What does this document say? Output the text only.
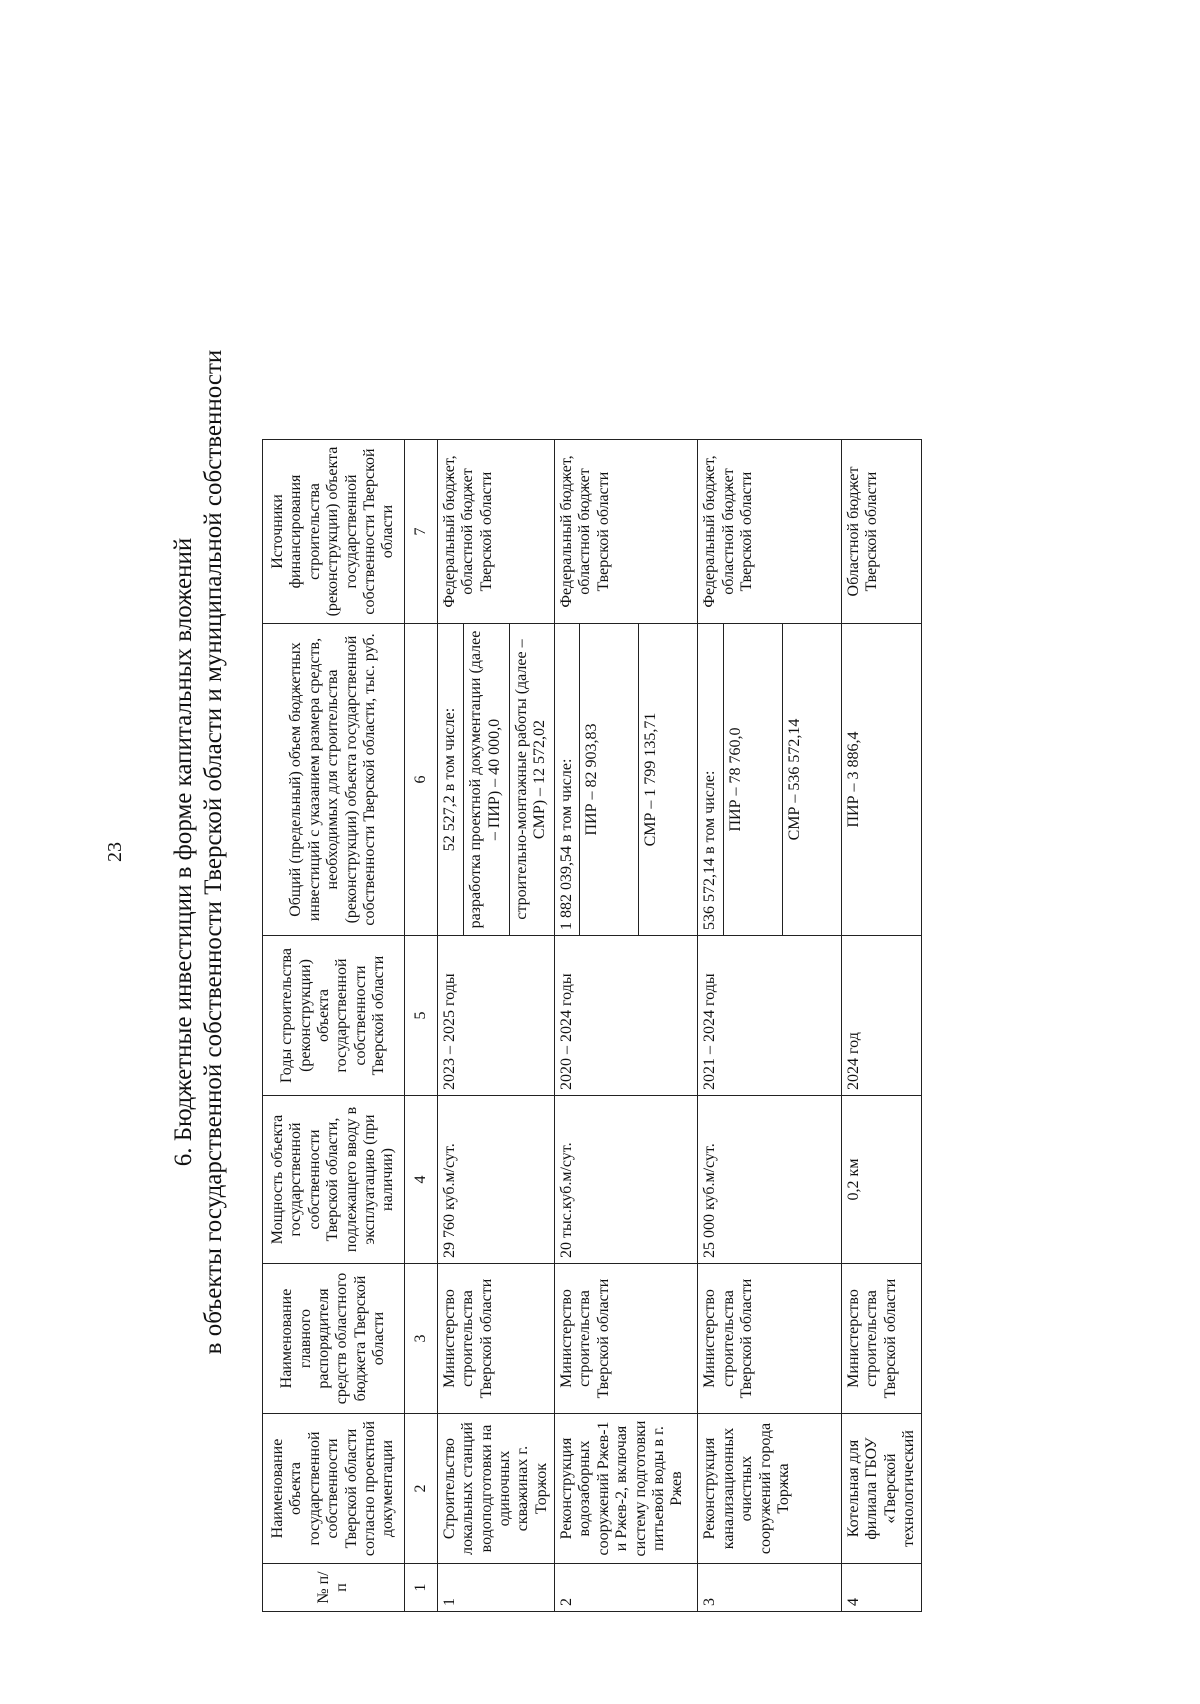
23 6. Бюджетные инвестиции в форме капитальных вложений в объекты государственной собственности Тверской области и муниципальной собственности
№ п/п	Наименование объекта государственной собственности Тверской области согласно проектной документации	Наименование главного распорядителя средств областного бюджета Тверской области	Мощность объекта государственной собственности Тверской области, подлежащего вводу в эксплуатацию (при наличии)	Годы строительства (реконструкции) объекта государственной собственности Тверской области	Общий (предельный) объем бюджетных инвестиций с указанием размера средств, необходимых для строительства (реконструкции) объекта государственной собственности Тверской области, тыс. руб.	Источники финансирования строительства (реконструкции) объекта государственной собственности Тверской области
1	2	3	4	5	6	7
1	Строительство локальных станций водоподготовки на одиночных скважинах г. Торжок	Министерство строительства Тверской области	29 760 куб.м/сут.	2023 – 2025 годы	52 527,2 в том числе:	Федеральный бюджет, областной бюджет Тверской области
					разработка проектной документации (далее – ПИР) – 40 000,0	
					строительно-монтажные работы (далее – СМР) – 12 572,02	
2	Реконструкция водозаборных сооружений Ржев-1 и Ржев-2, включая систему подготовки питьевой воды в г. Ржев	Министерство строительства Тверской области	20 тыс.куб.м/сут.	2020 – 2024 годы	1 882 039,54 в том числе:	Федеральный бюджет, областной бюджет Тверской области
					ПИР – 82 903,83	
					СМР – 1 799 135,71	
3	Реконструкция канализационных очистных сооружений города Торжка	Министерство строительства Тверской области	25 000 куб.м/сут.	2021 – 2024 годы	536 572,14 в том числе:	Федеральный бюджет, областной бюджет Тверской области
					ПИР – 78 760,0	
					СМР – 536 572,14	
4	Котельная для филиала ГБОУ «Тверской технологический	Министерство строительства Тверской области	0,2 км	2024 год	ПИР – 3 886,4	Областной бюджет Тверской области
